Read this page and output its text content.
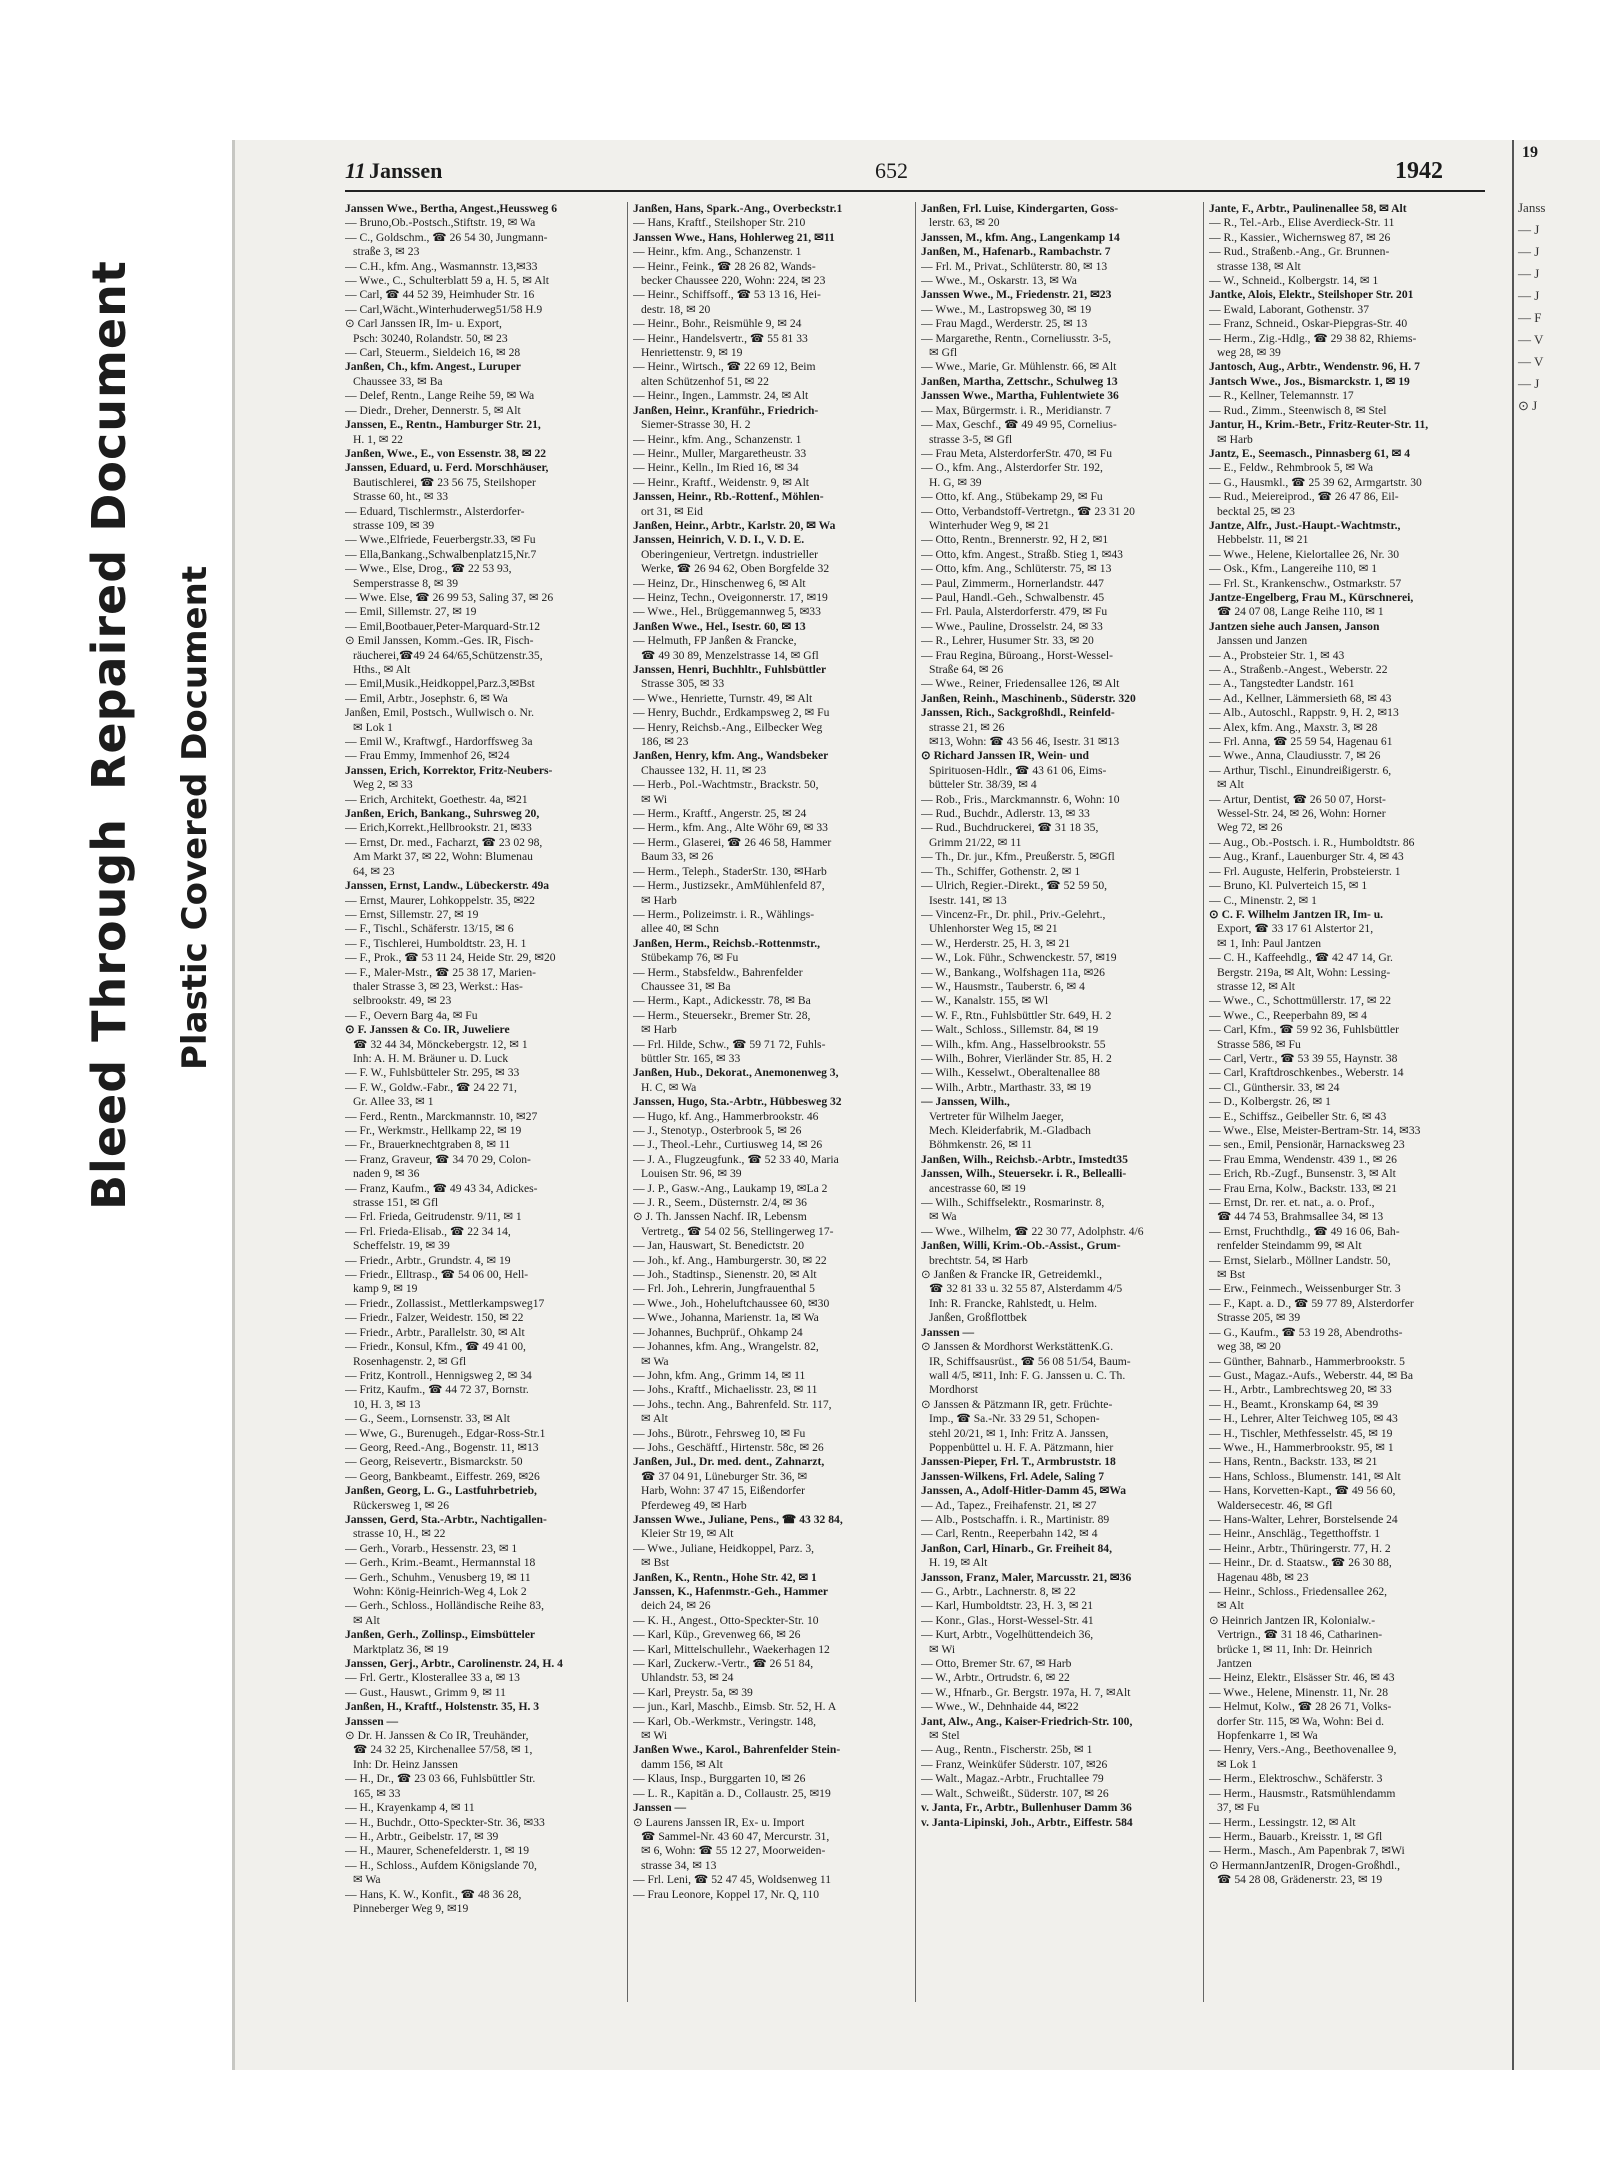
Bleed ThroughRepaired Document
Plastic Covered Document
11 Janssen	652	1942
Janssen Wwe., Bertha, Angest.,Heussweg 6
— Bruno,Ob.-Postsch.,Stiftstr. 19, ✉ Wa
— C., Goldschm., ☎ 26 54 30, Jungmann-
straße 3, ✉ 23
— C.H., kfm. Ang., Wasmannstr. 13,✉33
— Wwe., C., Schulterblatt 59 a, H. 5, ✉ Alt
— Carl, ☎ 44 52 39, Heimhuder Str. 16
— Carl,Wächt.,Winterhuderweg51/58 H.9
⊙ Carl Janssen IR, Im- u. Export,
Psch: 30240, Rolandstr. 50, ✉ 23
— Carl, Steuerm., Sieldeich 16, ✉ 28
Janßen, Ch., kfm. Angest., Luruper
Chaussee 33, ✉ Ba
— Delef, Rentn., Lange Reihe 59, ✉ Wa
— Diedr., Dreher, Dennerstr. 5, ✉ Alt
Janssen, E., Rentn., Hamburger Str. 21,
H. 1, ✉ 22
Janßen, Wwe., E., von Essenstr. 38, ✉ 22
Janssen, Eduard, u. Ferd. Morschhäuser,
Bautischlerei, ☎ 23 56 75, Steilshoper
Strasse 60, ht., ✉ 33
— Eduard, Tischlermstr., Alsterdorfer-
strasse 109, ✉ 39
— Wwe.,Elfriede, Feuerbergstr.33, ✉ Fu
— Ella,Bankang.,Schwalbenplatz15,Nr.7
— Wwe., Else, Drog., ☎ 22 53 93,
Semperstrasse 8, ✉ 39
— Wwe. Else, ☎ 26 99 53, Saling 37, ✉ 26
— Emil, Sillemstr. 27, ✉ 19
— Emil,Bootbauer,Peter-Marquard-Str.12
⊙ Emil Janssen, Komm.-Ges. IR, Fisch-
räucherei,☎49 24 64/65,Schützenstr.35,
Hths., ✉ Alt
— Emil,Musik.,Heidkoppel,Parz.3,✉Bst
— Emil, Arbtr., Josephstr. 6, ✉ Wa
Janßen, Emil, Postsch., Wullwisch o. Nr.
✉ Lok 1
— Emil W., Kraftwgf., Hardorffsweg 3a
— Frau Emmy, Immenhof 26, ✉24
Janssen, Erich, Korrektor, Fritz-Neubers-
Weg 2, ✉ 33
— Erich, Architekt, Goethestr. 4a, ✉21
Janßen, Erich, Bankang., Suhrsweg 20,
— Erich,Korrekt.,Hellbrookstr. 21, ✉33
— Ernst, Dr. med., Facharzt, ☎ 23 02 98,
Am Markt 37, ✉ 22, Wohn: Blumenau
64, ✉ 23
Janssen, Ernst, Landw., Lübeckerstr. 49a
— Ernst, Maurer, Lohkoppelstr. 35, ✉22
— Ernst, Sillemstr. 27, ✉ 19
— F., Tischl., Schäferstr. 13/15, ✉ 6
— F., Tischlerei, Humboldtstr. 23, H. 1
— F., Prok., ☎ 53 11 24, Heide Str. 29, ✉20
— F., Maler-Mstr., ☎ 25 38 17, Marien-
thaler Strasse 3, ✉ 23, Werkst.: Has-
selbrookstr. 49, ✉ 23
— F., Oevern Barg 4a, ✉ Fu
⊙ F. Janssen & Co. IR, Juweliere
☎ 32 44 34, Mönckebergstr. 12, ✉ 1
Inh: A. H. M. Bräuner u. D. Luck
— F. W., Fuhlsbütteler Str. 295, ✉ 33
— F. W., Goldw.-Fabr., ☎ 24 22 71,
Gr. Allee 33, ✉ 1
— Ferd., Rentn., Marckmannstr. 10, ✉27
— Fr., Werkmstr., Hellkamp 22, ✉ 19
— Fr., Brauerknechtgraben 8, ✉ 11
— Franz, Graveur, ☎ 34 70 29, Colon-
naden 9, ✉ 36
— Franz, Kaufm., ☎ 49 43 34, Adickes-
strasse 151, ✉ Gfl
— Frl. Frieda, Geitrudenstr. 9/11, ✉ 1
— Frl. Frieda-Elisab., ☎ 22 34 14,
Scheffelstr. 19, ✉ 39
— Friedr., Arbtr., Grundstr. 4, ✉ 19
— Friedr., Elltrasp., ☎ 54 06 00, Hell-
kamp 9, ✉ 19
— Friedr., Zollassist., Mettlerkampsweg17
— Friedr., Falzer, Weidestr. 150, ✉ 22
— Friedr., Arbtr., Parallelstr. 30, ✉ Alt
— Friedr., Konsul, Kfm., ☎ 49 41 00,
Rosenhagenstr. 2, ✉ Gfl
— Fritz, Kontroll., Hennigsweg 2, ✉ 34
— Fritz, Kaufm., ☎ 44 72 37, Bornstr.
10, H. 3, ✉ 13
— G., Seem., Lornsenstr. 33, ✉ Alt
— Wwe, G., Burenugeh., Edgar-Ross-Str.1
— Georg, Reed.-Ang., Bogenstr. 11, ✉13
— Georg, Reisevertr., Bismarckstr. 50
— Georg, Bankbeamt., Eiffestr. 269, ✉26
Janßen, Georg, L. G., Lastfuhrbetrieb,
Rückersweg 1, ✉ 26
Janssen, Gerd, Sta.-Arbtr., Nachtigallen-
strasse 10, H., ✉ 22
— Gerh., Vorarb., Hessenstr. 23, ✉ 1
— Gerh., Krim.-Beamt., Hermannstal 18
— Gerh., Schuhm., Venusberg 19, ✉ 11
Wohn: König-Heinrich-Weg 4, Lok 2
— Gerh., Schloss., Holländische Reihe 83,
✉ Alt
Janßen, Gerh., Zollinsp., Eimsbütteler
Marktplatz 36, ✉ 19
Janssen, Gerj., Arbtr., Carolinenstr. 24, H. 4
— Frl. Gertr., Klosterallee 33 a, ✉ 13
— Gust., Hauswt., Grimm 9, ✉ 11
Janßen, H., Kraftf., Holstenstr. 35, H. 3
Janssen —
⊙ Dr. H. Janssen & Co IR, Treuhänder,
☎ 24 32 25, Kirchenallee 57/58, ✉ 1,
Inh: Dr. Heinz Janssen
— H., Dr., ☎ 23 03 66, Fuhlsbüttler Str.
165, ✉ 33
— H., Krayenkamp 4, ✉ 11
— H., Buchdr., Otto-Speckter-Str. 36, ✉33
— H., Arbtr., Geibelstr. 17, ✉ 39
— H., Maurer, Schenefelderstr. 1, ✉ 19
— H., Schloss., Aufdem Königslande 70,
✉ Wa
— Hans, K. W., Konfit., ☎ 48 36 28,
Pinneberger Weg 9, ✉19
Janßen, Hans, Spark.-Ang., Overbeckstr.1
— Hans, Kraftf., Steilshoper Str. 210
Janssen Wwe., Hans, Hohlerweg 21, ✉11
— Heinr., kfm. Ang., Schanzenstr. 1
— Heinr., Feink., ☎ 28 26 82, Wands-
becker Chaussee 220, Wohn: 224, ✉ 23
— Heinr., Schiffsoff., ☎ 53 13 16, Hei-
destr. 18, ✉ 20
— Heinr., Bohr., Reismühle 9, ✉ 24
— Heinr., Handelsvertr., ☎ 55 81 33
Henriettenstr. 9, ✉ 19
— Heinr., Wirtsch., ☎ 22 69 12, Beim
alten Schützenhof 51, ✉ 22
— Heinr., Ingen., Lammstr. 24, ✉ Alt
Janßen, Heinr., Kranführ., Friedrich-
Siemer-Strasse 30, H. 2
— Heinr., kfm. Ang., Schanzenstr. 1
— Heinr., Muller, Margaretheustr. 33
— Heinr., Kelln., Im Ried 16, ✉ 34
— Heinr., Kraftf., Weidenstr. 9, ✉ Alt
Janssen, Heinr., Rb.-Rottenf., Möhlen-
ort 31, ✉ Eid
Janßen, Heinr., Arbtr., Karlstr. 20, ✉ Wa
Janssen, Heinrich, V. D. I., V. D. E.
Oberingenieur, Vertretgn. industrieller
Werke, ☎ 26 94 62, Oben Borgfelde 32
— Heinz, Dr., Hinschenweg 6, ✉ Alt
— Heinz, Techn., Oveigonnerstr. 17, ✉19
— Wwe., Hel., Brüggemannweg 5, ✉33
Janßen Wwe., Hel., Isestr. 60, ✉ 13
— Helmuth, FP Janßen & Francke,
☎ 49 30 89, Menzelstrasse 14, ✉ Gfl
Janssen, Henri, Buchhltr., Fuhlsbüttler
Strasse 305, ✉ 33
— Wwe., Henriette, Turnstr. 49, ✉ Alt
— Henry, Buchdr., Erdkampsweg 2, ✉ Fu
— Henry, Reichsb.-Ang., Eilbecker Weg
186, ✉ 23
Janßen, Henry, kfm. Ang., Wandsbeker
Chaussee 132, H. 11, ✉ 23
— Herb., Pol.-Wachtmstr., Brackstr. 50,
✉ Wi
— Herm., Kraftf., Angerstr. 25, ✉ 24
— Herm., kfm. Ang., Alte Wöhr 69, ✉ 33
— Herm., Glaserei, ☎ 26 46 58, Hammer
Baum 33, ✉ 26
— Herm., Teleph., StaderStr. 130, ✉Harb
— Herm., Justizsekr., AmMühlenfeld 87,
✉ Harb
— Herm., Polizeimstr. i. R., Wählings-
allee 40, ✉ Schn
Janßen, Herm., Reichsb.-Rottenmstr.,
Stübekamp 76, ✉ Fu
— Herm., Stabsfeldw., Bahrenfelder
Chaussee 31, ✉ Ba
— Herm., Kapt., Adickesstr. 78, ✉ Ba
— Herm., Steuersekr., Bremer Str. 28,
✉ Harb
— Frl. Hilde, Schw., ☎ 59 71 72, Fuhls-
büttler Str. 165, ✉ 33
Janßen, Hub., Dekorat., Anemonenweg 3,
H. C, ✉ Wa
Janssen, Hugo, Sta.-Arbtr., Hübbesweg 32
— Hugo, kf. Ang., Hammerbrookstr. 46
— J., Stenotyp., Osterbrook 5, ✉ 26
— J., Theol.-Lehr., Curtiusweg 14, ✉ 26
— J. A., Flugzeugfunk., ☎ 52 33 40, Maria
Louisen Str. 96, ✉ 39
— J. P., Gasw.-Ang., Laukamp 19, ✉La 2
— J. R., Seem., Düsternstr. 2/4, ✉ 36
⊙ J. Th. Janssen Nachf. IR, Lebensm
Vertretg., ☎ 54 02 56, Stellingerweg 17-
— Jan, Hauswart, St. Benedictstr. 20
— Joh., kf. Ang., Hamburgerstr. 30, ✉ 22
— Joh., Stadtinsp., Sienenstr. 20, ✉ Alt
— Frl. Joh., Lehrerin, Jungfrauenthal 5
— Wwe., Joh., Hoheluftchaussee 60, ✉30
— Wwe., Johanna, Marienstr. 1a, ✉ Wa
— Johannes, Buchprüf., Ohkamp 24
— Johannes, kfm. Ang., Wrangelstr. 82,
✉ Wa
— John, kfm. Ang., Grimm 14, ✉ 11
— Johs., Kraftf., Michaelisstr. 23, ✉ 11
— Johs., techn. Ang., Bahrenfeld. Str. 117,
✉ Alt
— Johs., Bürotr., Fehrsweg 10, ✉ Fu
— Johs., Geschäftf., Hirtenstr. 58c, ✉ 26
Janßen, Jul., Dr. med. dent., Zahnarzt,
☎ 37 04 91, Lüneburger Str. 36, ✉
Harb, Wohn: 37 47 15, Eißendorfer
Pferdeweg 49, ✉ Harb
Janssen Wwe., Juliane, Pens., ☎ 43 32 84,
Kleier Str 19, ✉ Alt
— Wwe., Juliane, Heidkoppel, Parz. 3,
✉ Bst
Janßen, K., Rentn., Hohe Str. 42, ✉ 1
Janssen, K., Hafenmstr.-Geh., Hammer
deich 24, ✉ 26
— K. H., Angest., Otto-Speckter-Str. 10
— Karl, Küp., Grevenweg 66, ✉ 26
— Karl, Mittelschullehr., Waekerhagen 12
— Karl, Zuckerw.-Vertr., ☎ 26 51 84,
Uhlandstr. 53, ✉ 24
— Karl, Preystr. 5a, ✉ 39
— jun., Karl, Maschb., Eimsb. Str. 52, H. A
— Karl, Ob.-Werkmstr., Veringstr. 148,
✉ Wi
Janßen Wwe., Karol., Bahrenfelder Stein-
damm 156, ✉ Alt
— Klaus, Insp., Burggarten 10, ✉ 26
— L. R., Kapitän a. D., Collaustr. 25, ✉19
Janssen —
⊙ Laurens Janssen IR, Ex- u. Import
☎ Sammel-Nr. 43 60 47, Mercurstr. 31,
✉ 6, Wohn: ☎ 55 12 27, Moorweiden-
strasse 34, ✉ 13
— Frl. Leni, ☎ 52 47 45, Woldsenweg 11
— Frau Leonore, Koppel 17, Nr. Q, 110
Janßen, Frl. Luise, Kindergarten, Goss-
lerstr. 63, ✉ 20
Janssen, M., kfm. Ang., Langenkamp 14
Janßen, M., Hafenarb., Rambachstr. 7
— Frl. M., Privat., Schlüterstr. 80, ✉ 13
— Wwe., M., Oskarstr. 13, ✉ Wa
Janssen Wwe., M., Friedenstr. 21, ✉23
— Wwe., M., Lastropsweg 30, ✉ 19
— Frau Magd., Werderstr. 25, ✉ 13
— Margarethe, Rentn., Corneliusstr. 3-5,
✉ Gfl
— Wwe., Marie, Gr. Mühlenstr. 66, ✉ Alt
Janßen, Martha, Zettschr., Schulweg 13
Janssen Wwe., Martha, Fuhlentwiete 36
— Max, Bürgermstr. i. R., Meridianstr. 7
— Max, Geschf., ☎ 49 49 95, Cornelius-
strasse 3-5, ✉ Gfl
— Frau Meta, AlsterdorferStr. 470, ✉ Fu
— O., kfm. Ang., Alsterdorfer Str. 192,
H. G, ✉ 39
— Otto, kf. Ang., Stübekamp 29, ✉ Fu
— Otto, Verbandstoff-Vertretgn., ☎ 23 31 20
Winterhuder Weg 9, ✉ 21
— Otto, Rentn., Brennerstr. 92, H 2, ✉1
— Otto, kfm. Angest., Straßb. Stieg 1, ✉43
— Otto, kfm. Ang., Schlüterstr. 75, ✉ 13
— Paul, Zimmerm., Hornerlandstr. 447
— Paul, Handl.-Geh., Schwalbenstr. 45
— Frl. Paula, Alsterdorferstr. 479, ✉ Fu
— Wwe., Pauline, Drosselstr. 24, ✉ 33
— R., Lehrer, Husumer Str. 33, ✉ 20
— Frau Regina, Büroang., Horst-Wessel-
Straße 64, ✉ 26
— Wwe., Reiner, Friedensallee 126, ✉ Alt
Janßen, Reinh., Maschinenb., Süderstr. 320
Janssen, Rich., Sackgroßhdl., Reinfeld-
strasse 21, ✉ 26
✉13, Wohn: ☎ 43 56 46, Isestr. 31 ✉13
⊙ Richard Janssen IR, Wein- und
Spirituosen-Hdlr., ☎ 43 61 06, Eims-
bütteler Str. 38/39, ✉ 4
— Rob., Fris., Marckmannstr. 6, Wohn: 10
— Rud., Buchdr., Adlerstr. 13, ✉ 33
— Rud., Buchdruckerei, ☎ 31 18 35,
Grimm 21/22, ✉ 11
— Th., Dr. jur., Kfm., Preußerstr. 5, ✉Gfl
— Th., Schiffer, Gothenstr. 2, ✉ 1
— Ulrich, Regier.-Direkt., ☎ 52 59 50,
Isestr. 141, ✉ 13
— Vincenz-Fr., Dr. phil., Priv.-Gelehrt.,
Uhlenhorster Weg 15, ✉ 21
— W., Herderstr. 25, H. 3, ✉ 21
— W., Lok. Führ., Schwenckestr. 57, ✉19
— W., Bankang., Wolfshagen 11a, ✉26
— W., Hausmstr., Tauberstr. 6, ✉ 4
— W., Kanalstr. 155, ✉ Wl
— W. F., Rtn., Fuhlsbüttler Str. 649, H. 2
— Walt., Schloss., Sillemstr. 84, ✉ 19
— Wilh., kfm. Ang., Hasselbrookstr. 55
— Wilh., Bohrer, Vierländer Str. 85, H. 2
— Wilh., Kesselwt., Oberaltenallee 88
— Wilh., Arbtr., Marthastr. 33, ✉ 19
— Janssen, Wilh.,
Vertreter für Wilhelm Jaeger,
Mech. Kleiderfabrik, M.-Gladbach
Böhmkenstr. 26, ✉ 11
Janßen, Wilh., Reichsb.-Arbtr., Imstedt35
Janssen, Wilh., Steuersekr. i. R., Bellealli-
ancestrasse 60, ✉ 19
— Wilh., Schiffselektr., Rosmarinstr. 8,
✉ Wa
— Wwe., Wilhelm, ☎ 22 30 77, Adolphstr. 4/6
Janßen, Willi, Krim.-Ob.-Assist., Grum-
brechtstr. 54, ✉ Harb
⊙ Janßen & Francke IR, Getreidemkl.,
☎ 32 81 33 u. 32 55 87, Alsterdamm 4/5
Inh: R. Francke, Rahlstedt, u. Helm.
Janßen, Großflottbek
Janssen —
⊙ Janssen & Mordhorst WerkstättenK.G.
IR, Schiffsausrüst., ☎ 56 08 51/54, Baum-
wall 4/5, ✉11, Inh: F. G. Janssen u. C. Th.
Mordhorst
⊙ Janssen & Pätzmann IR, getr. Früchte-
Imp., ☎ Sa.-Nr. 33 29 51, Schopen-
stehl 20/21, ✉ 1, Inh: Fritz A. Janssen,
Poppenbüttel u. H. F. A. Pätzmann, hier
Janssen-Pieper, Frl. T., Armbruststr. 18
Janssen-Wilkens, Frl. Adele, Saling 7
Janssen, A., Adolf-Hitler-Damm 45, ✉Wa
— Ad., Tapez., Freihafenstr. 21, ✉ 27
— Alb., Postschaffn. i. R., Martinistr. 89
— Carl, Rentn., Reeperbahn 142, ✉ 4
Janßon, Carl, Hinarb., Gr. Freiheit 84,
H. 19, ✉ Alt
Jansson, Franz, Maler, Marcusstr. 21, ✉36
— G., Arbtr., Lachnerstr. 8, ✉ 22
— Karl, Humboldtstr. 23, H. 3, ✉ 21
— Konr., Glas., Horst-Wessel-Str. 41
— Kurt, Arbtr., Vogelhüttendeich 36,
✉ Wi
— Otto, Bremer Str. 67, ✉ Harb
— W., Arbtr., Ortrudstr. 6, ✉ 22
— W., Hfnarb., Gr. Bergstr. 197a, H. 7, ✉Alt
— Wwe., W., Dehnhaide 44, ✉22
Jant, Alw., Ang., Kaiser-Friedrich-Str. 100,
✉ Stel
— Aug., Rentn., Fischerstr. 25b, ✉ 1
— Franz, Weinküfer Süderstr. 107, ✉26
— Walt., Magaz.-Arbtr., Fruchtallee 79
— Walt., Schweißt., Süderstr. 107, ✉ 26
v. Janta, Fr., Arbtr., Bullenhuser Damm 36
v. Janta-Lipinski, Joh., Arbtr., Eiffestr. 584
Jante, F., Arbtr., Paulinenallee 58, ✉ Alt
— R., Tel.-Arb., Elise Averdieck-Str. 11
— R., Kassier., Wichernsweg 87, ✉ 26
— Rud., Straßenb.-Ang., Gr. Brunnen-
strasse 138, ✉ Alt
— W., Schneid., Kolbergstr. 14, ✉ 1
Jantke, Alois, Elektr., Steilshoper Str. 201
— Ewald, Laborant, Gothenstr. 37
— Franz, Schneid., Oskar-Piepgras-Str. 40
— Herm., Zig.-Hdlg., ☎ 29 38 82, Rhiems-
weg 28, ✉ 39
Jantosch, Aug., Arbtr., Wendenstr. 96, H. 7
Jantsch Wwe., Jos., Bismarckstr. 1, ✉ 19
— R., Kellner, Telemannstr. 17
— Rud., Zimm., Steenwisch 8, ✉ Stel
Jantur, H., Krim.-Betr., Fritz-Reuter-Str. 11,
✉ Harb
Jantz, E., Seemasch., Pinnasberg 61, ✉ 4
— E., Feldw., Rehmbrook 5, ✉ Wa
— G., Hausmkl., ☎ 25 39 62, Armgartstr. 30
— Rud., Meiereiprod., ☎ 26 47 86, Eil-
becktal 25, ✉ 23
Jantze, Alfr., Just.-Haupt.-Wachtmstr.,
Hebbelstr. 11, ✉ 21
— Wwe., Helene, Kielortallee 26, Nr. 30
— Osk., Kfm., Langereihe 110, ✉ 1
— Frl. St., Krankenschw., Ostmarkstr. 57
Jantze-Engelberg, Frau M., Kürschnerei,
☎ 24 07 08, Lange Reihe 110, ✉ 1
Jantzen siehe auch Jansen, Janson
Janssen und Janzen
— A., Probsteier Str. 1, ✉ 43
— A., Straßenb.-Angest., Weberstr. 22
— A., Tangstedter Landstr. 161
— Ad., Kellner, Lämmersieth 68, ✉ 43
— Alb., Autoschl., Rappstr. 9, H. 2, ✉13
— Alex, kfm. Ang., Maxstr. 3, ✉ 28
— Frl. Anna, ☎ 25 59 54, Hagenau 61
— Wwe., Anna, Claudiusstr. 7, ✉ 26
— Arthur, Tischl., Einundreißigerstr. 6,
✉ Alt
— Artur, Dentist, ☎ 26 50 07, Horst-
Wessel-Str. 24, ✉ 26, Wohn: Horner
Weg 72, ✉ 26
— Aug., Ob.-Postsch. i. R., Humboldtstr. 86
— Aug., Kranf., Lauenburger Str. 4, ✉ 43
— Frl. Auguste, Helferin, Probsteierstr. 1
— Bruno, Kl. Pulverteich 15, ✉ 1
— C., Minenstr. 2, ✉ 1
⊙ C. F. Wilhelm Jantzen IR, Im- u.
Export, ☎ 33 17 61 Alstertor 21,
✉ 1, Inh: Paul Jantzen
— C. H., Kaffeehdlg., ☎ 42 47 14, Gr.
Bergstr. 219a, ✉ Alt, Wohn: Lessing-
strasse 12, ✉ Alt
— Wwe., C., Schottmüllerstr. 17, ✉ 22
— Wwe., C., Reeperbahn 89, ✉ 4
— Carl, Kfm., ☎ 59 92 36, Fuhlsbüttler
Strasse 586, ✉ Fu
— Carl, Vertr., ☎ 53 39 55, Haynstr. 38
— Carl, Kraftdroschkenbes., Weberstr. 14
— Cl., Günthersir. 33, ✉ 24
— D., Kolbergstr. 26, ✉ 1
— E., Schiffsz., Geibeller Str. 6, ✉ 43
— Wwe., Else, Meister-Bertram-Str. 14, ✉33
— sen., Emil, Pensionär, Harnacksweg 23
— Frau Emma, Wendenstr. 439 1., ✉ 26
— Erich, Rb.-Zugf., Bunsenstr. 3, ✉ Alt
— Frau Erna, Kolw., Backstr. 133, ✉ 21
— Ernst, Dr. rer. et. nat., a. o. Prof.,
☎ 44 74 53, Brahmsallee 34, ✉ 13
— Ernst, Fruchthdlg., ☎ 49 16 06, Bah-
renfelder Steindamm 99, ✉ Alt
— Ernst, Sielarb., Möllner Landstr. 50,
✉ Bst
— Erw., Feinmech., Weissenburger Str. 3
— F., Kapt. a. D., ☎ 59 77 89, Alsterdorfer
Strasse 205, ✉ 39
— G., Kaufm., ☎ 53 19 28, Abendroths-
weg 38, ✉ 20
— Günther, Bahnarb., Hammerbrookstr. 5
— Gust., Magaz.-Aufs., Weberstr. 44, ✉ Ba
— H., Arbtr., Lambrechtsweg 20, ✉ 33
— H., Beamt., Kronskamp 64, ✉ 39
— H., Lehrer, Alter Teichweg 105, ✉ 43
— H., Tischler, Methfesselstr. 45, ✉ 19
— Wwe., H., Hammerbrookstr. 95, ✉ 1
— Hans, Rentn., Backstr. 133, ✉ 21
— Hans, Schloss., Blumenstr. 141, ✉ Alt
— Hans, Korvetten-Kapt., ☎ 49 56 60,
Waldersecestr. 46, ✉ Gfl
— Hans-Walter, Lehrer, Borstelsende 24
— Heinr., Anschläg., Tegetthoffstr. 1
— Heinr., Arbtr., Thüringerstr. 77, H. 2
— Heinr., Dr. d. Staatsw., ☎ 26 30 88,
Hagenau 48b, ✉ 23
— Heinr., Schloss., Friedensallee 262,
✉ Alt
⊙ Heinrich Jantzen IR, Kolonialw.-
Vertrign., ☎ 31 18 46, Catharinen-
brücke 1, ✉ 11, Inh: Dr. Heinrich
Jantzen
— Heinz, Elektr., Elsässer Str. 46, ✉ 43
— Wwe., Helene, Minenstr. 11, Nr. 28
— Helmut, Kolw., ☎ 28 26 71, Volks-
dorfer Str. 115, ✉ Wa, Wohn: Bei d.
Hopfenkarre 1, ✉ Wa
— Henry, Vers.-Ang., Beethovenallee 9,
✉ Lok 1
— Herm., Elektroschw., Schäferstr. 3
— Herm., Hausmstr., Ratsmühlendamm
37, ✉ Fu
— Herm., Lessingstr. 12, ✉ Alt
— Herm., Bauarb., Kreisstr. 1, ✉ Gfl
— Herm., Masch., Am Papenbrak 7, ✉Wi
⊙ HermannJantzenIR, Drogen-Großhdl.,
☎ 54 28 08, Grädenerstr. 23, ✉ 19
19
Janss
— J
— J
— J
— J
— F
— V
— V
— J
⊙ J
